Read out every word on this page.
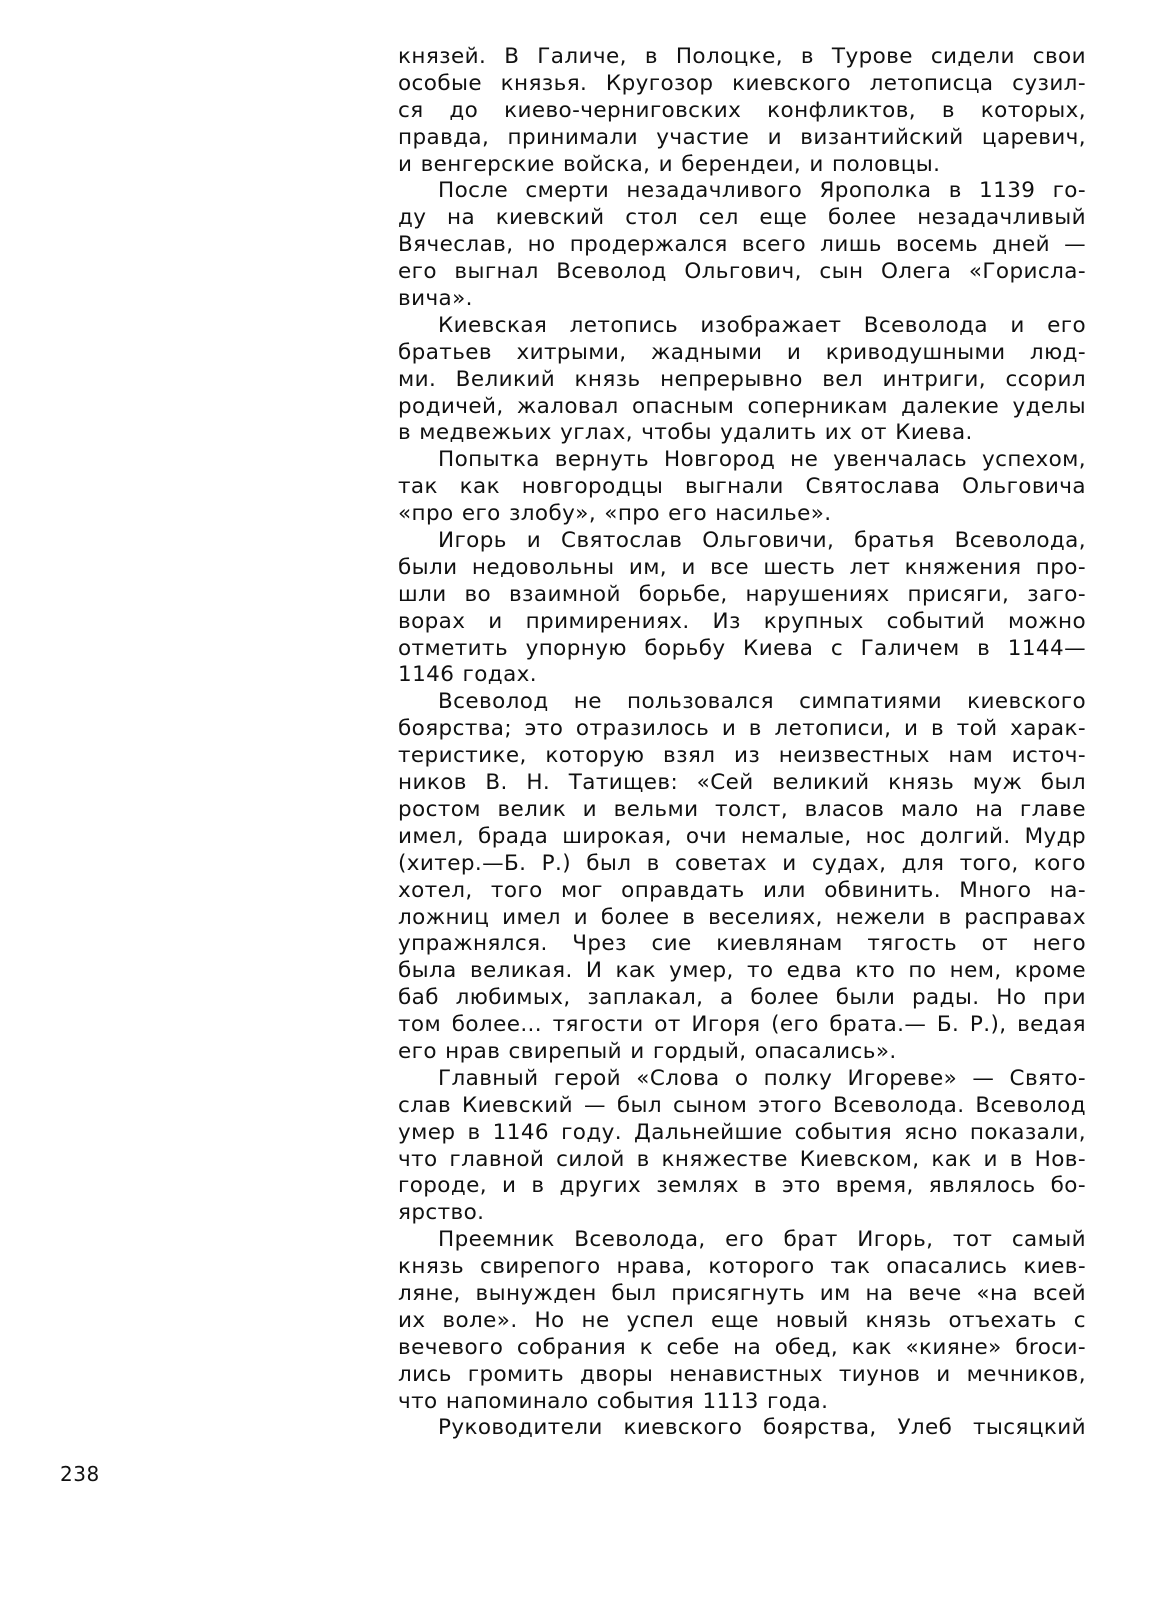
князей. В Галиче, в Полоцке, в Турове сидели свои
особые князья. Кругозор киевского летописца сузил-
ся до киево-черниговских конфликтов, в которых,
правда, принимали участие и византийский царевич,
и венгерские войска, и берендеи, и половцы.
После смерти незадачливого Ярополка в 1139 го-
ду на киевский стол сел еще более незадачливый
Вячеслав, но продержался всего лишь восемь дней —
его выгнал Всеволод Ольгович, сын Олега «Горисла-
вича».
Киевская летопись изображает Всеволода и его
братьев хитрыми, жадными и криводушными люд-
ми. Великий князь непрерывно вел интриги, ссорил
родичей, жаловал опасным соперникам далекие уделы
в медвежьих углах, чтобы удалить их от Киева.
Попытка вернуть Новгород не увенчалась успехом,
так как новгородцы выгнали Святослава Ольговича
«про его злобу», «про его насилье».
Игорь и Святослав Ольговичи, братья Всеволода,
были недовольны им, и все шесть лет княжения про-
шли во взаимной борьбе, нарушениях присяги, заго-
ворах и примирениях. Из крупных событий можно
отметить упорную борьбу Киева с Галичем в 1144—
1146 годах.
Всеволод не пользовался симпатиями киевского
боярства; это отразилось и в летописи, и в той харак-
теристике, которую взял из неизвестных нам источ-
ников В. Н. Татищев: «Сей великий князь муж был
ростом велик и вельми толст, власов мало на главе
имел, брада широкая, очи немалые, нос долгий. Мудр
(хитер.—Б. Р.) был в советах и судах, для того, кого
хотел, того мог оправдать или обвинить. Много на-
ложниц имел и более в веселиях, нежели в расправах
упражнялся. Чрез сие киевлянам тягость от него
была великая. И как умер, то едва кто по нем, кроме
баб любимых, заплакал, а более были рады. Но при
том более... тягости от Игоря (его брата.— Б. Р.), ведая
его нрав свирепый и гордый, опасались».
Главный герой «Слова о полку Игореве» — Свято-
слав Киевский — был сыном этого Всеволода. Всеволод
умер в 1146 году. Дальнейшие события ясно показали,
что главной силой в княжестве Киевском, как и в Нов-
городе, и в других землях в это время, являлось бо-
ярство.
Преемник Всеволода, его брат Игорь, тот самый
князь свирепого нрава, которого так опасались киев-
ляне, вынужден был присягнуть им на вече «на всей
их воле». Но не успел еще новый князь отъехать с
вечевого собрания к себе на обед, как «кияне» бroси-
лись громить дворы ненавистных тиунов и мечников,
что напоминало события 1113 года.
Руководители киевского боярства, Улеб тысяцкий
238
